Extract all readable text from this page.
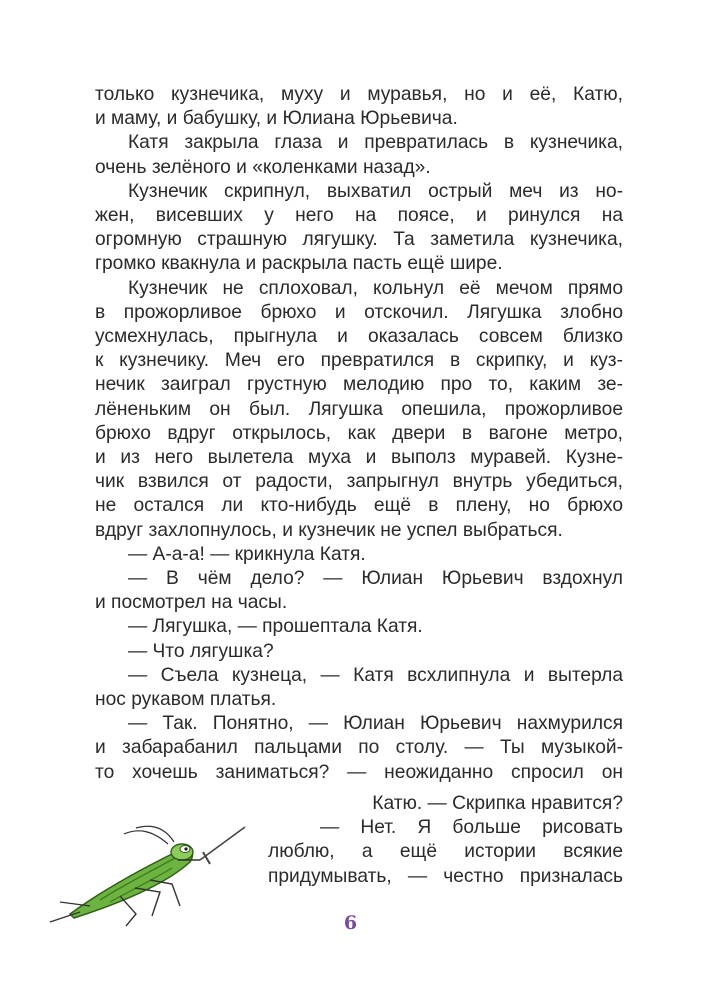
только кузнечика, муху и муравья, но и её, Катю,

и маму, и бабушку, и Юлиана Юрьевича.

Катя закрыла глаза и превратилась в кузнечика,

очень зелёного и «коленками назад».

Кузнечик скрипнул, выхватил острый меч из но-

жен, висевших у него на поясе, и ринулся на

огромную страшную лягушку. Та заметила кузнечика,

громко квакнула и раскрыла пасть ещё шире.

Кузнечик не сплоховал, кольнул её мечом прямо

в прожорливое брюхо и отскочил. Лягушка злобно

усмехнулась, прыгнула и оказалась совсем близко

к кузнечику. Меч его превратился в скрипку, и куз-

нечик заиграл грустную мелодию про то, каким зе-

лёненьким он был. Лягушка опешила, прожорливое

брюхо вдруг открылось, как двери в вагоне метро,

и из него вылетела муха и выполз муравей. Кузне-

чик взвился от радости, запрыгнул внутрь убедиться,

не остался ли кто-нибудь ещё в плену, но брюхо

вдруг захлопнулось, и кузнечик не успел выбраться.

— А-а-а! — крикнула Катя.

— В чём дело? — Юлиан Юрьевич вздохнул

и посмотрел на часы.

— Лягушка, — прошептала Катя.

— Что лягушка?

— Съела кузнеца, — Катя всхлипнула и вытерла

нос рукавом платья.

— Так. Понятно, — Юлиан Юрьевич нахмурился

и забарабанил пальцами по столу. — Ты музыкой-

то хочешь заниматься? — неожиданно спросил он

Катю. — Скрипка нравится?

— Нет. Я больше рисовать

люблю, а ещё истории всякие

придумывать, — честно призналась

6
